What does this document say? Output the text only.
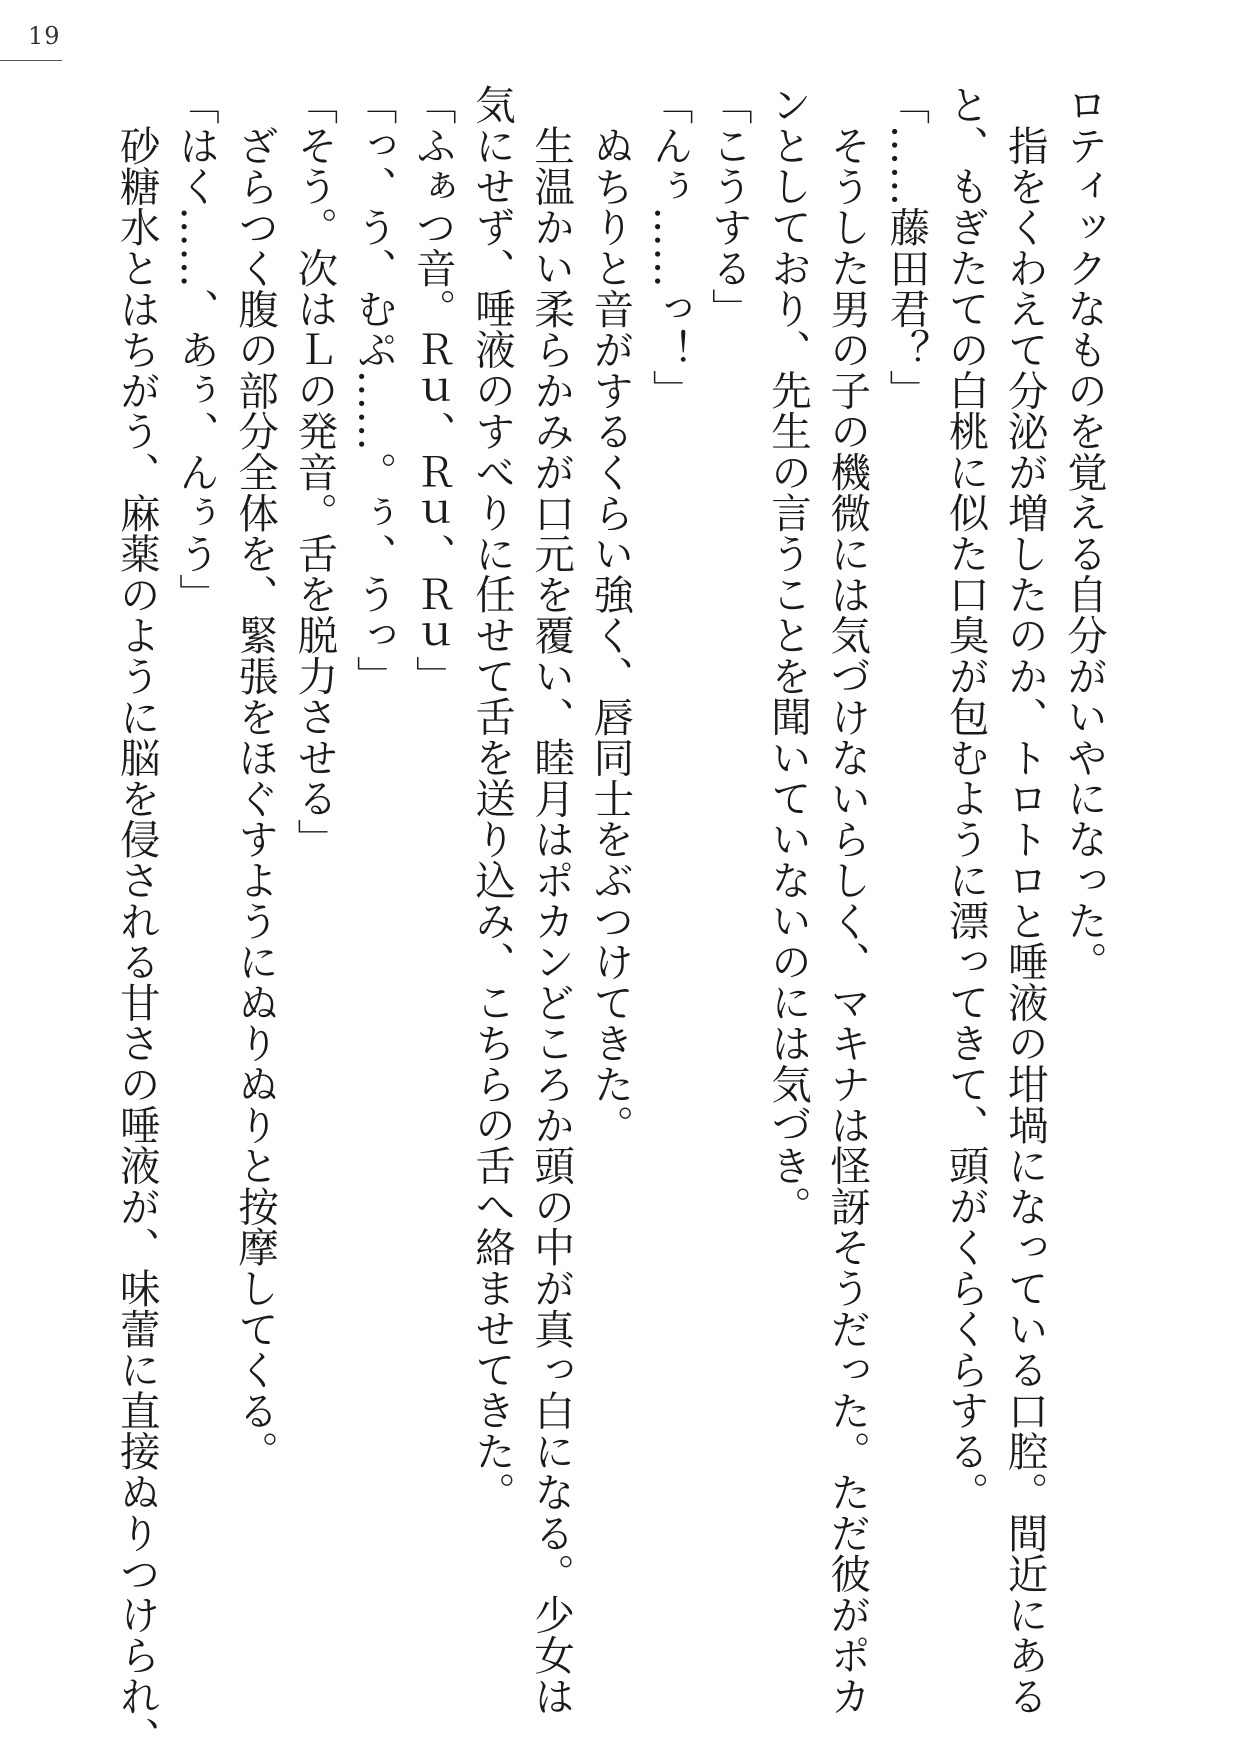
19
ロティックなものを覚える自分がいやになった。
指をくわえて分泌が増したのか、トロトロと唾液の坩堝になっている口腔。間近にある
と、もぎたての白桃に似た口臭が包むように漂ってきて、頭がくらくらする。
「……藤田君？」
そうした男の子の機微には気づけないらしく、マキナは怪訝そうだった。ただ彼がポカ
ンとしており、先生の言うことを聞いていないのには気づき。
「こうする」
「んぅ……っ！」
ぬちりと音がするくらい強く、唇同士をぶつけてきた。
生温かい柔らかみが口元を覆い、睦月はポカンどころか頭の中が真っ白になる。少女は
気にせず、唾液のすべりに任せて舌を送り込み、こちらの舌へ絡ませてきた。
「ふぁつ音。Ｒｕ、Ｒｕ、Ｒｕ」
「っ、う、むぷ……。ぅ、うっ」
「そう。次はＬの発音。舌を脱力させる」
ざらつく腹の部分全体を、緊張をほぐすようにぬりぬりと按摩してくる。
「はく……、あぅ、んぅう」
砂糖水とはちがう、麻薬のように脳を侵される甘さの唾液が、味蕾に直接ぬりつけられ、
